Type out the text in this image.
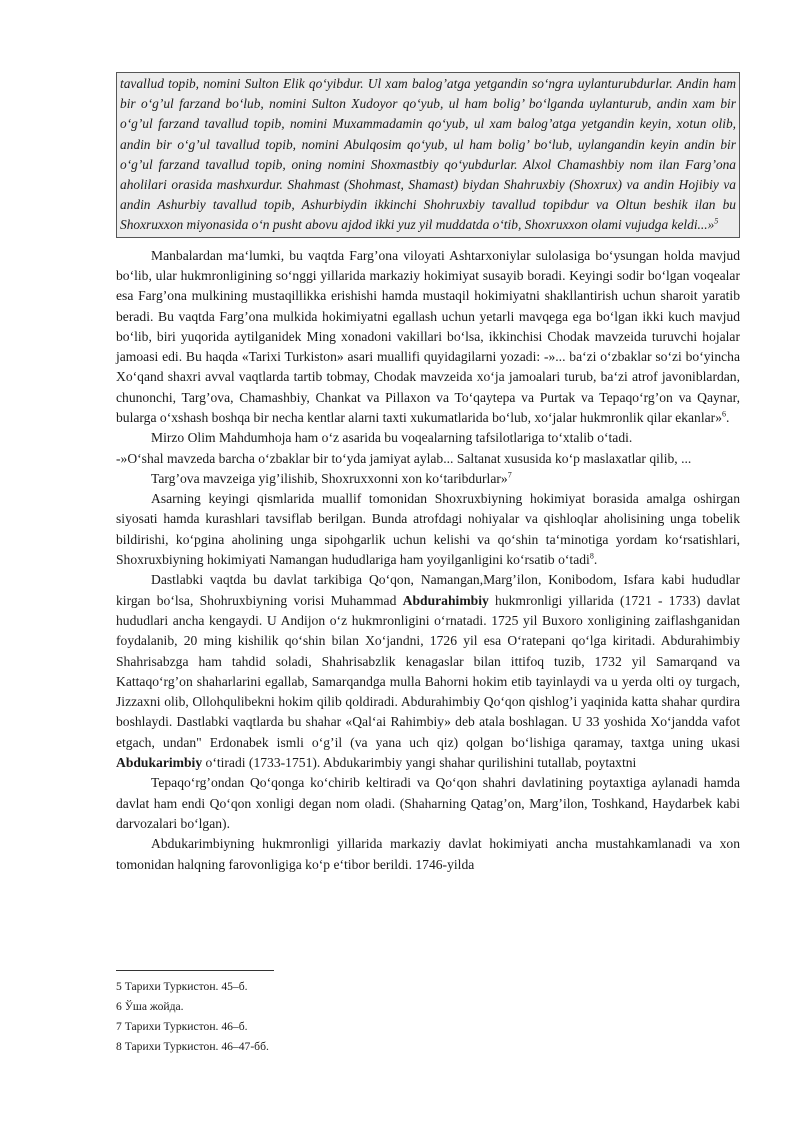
tavallud topib, nomini Sulton Elik qo‘yibdur. Ul xam balog’atga yetgandin so‘ngra uylanturubdurlar. Andin ham bir o‘g’ul farzand bo‘lub, nomini Sulton Xudoyor qo‘yub, ul ham bolig’ bo‘lganda uylanturub, andin xam bir o‘g’ul farzand tavallud topib, nomini Muxammadamin qo‘yub, ul xam balog’atga yetgandin keyin, xotun olib, andin bir o‘g’ul tavallud topib, nomini Abulqosim qo‘yub, ul ham bolig’ bo‘lub, uylangandin keyin andin bir o‘g’ul farzand tavallud topib, oning nomini Shoxmastbiy qo‘yubdurlar. Alxol Chamashbiy nom ilan Farg’ona aholilari orasida mashxurdur. Shahmast (Shohmast, Shamast) biydan Shahruxbiy (Shoxrux) va andin Hojibiy va andin Ashurbiy tavallud topib, Ashurbiydin ikkinchi Shohruxbiy tavallud topibdur va Oltun beshik ilan bu Shoxruxxon miyonasida o‘n pusht abovu ajdod ikki yuz yil muddatda o‘tib, Shoxruxxon olami vujudga keldi...»$^5$

Manbalardan ma‘lumki, bu vaqtda Farg’ona viloyati Ashtarxoniylar sulolasiga bo‘ysungan holda mavjud bo‘lib, ular hukmronligining so‘nggi yillarida markaziy hokimiyat susayib boradi. Keyingi sodir bo‘lgan voqealar esa Farg’ona mulkining mustaqillikka erishishi hamda mustaqil hokimiyatni shakllantirish uchun sharoit yaratib beradi. Bu vaqtda Farg’ona mulkida hokimiyatni egallash uchun yetarli mavqega ega bo‘lgan ikki kuch mavjud bo‘lib, biri yuqorida aytilganidek Ming xonadoni vakillari bo‘lsa, ikkinchisi Chodak mavzeida turuvchi hojalar jamoasi edi. Bu haqda «Tarixi Turkiston» asari muallifi quyidagilarni yozadi: -»... ba‘zi o‘zbaklar so‘zi bo‘yincha Xo‘qand shaxri avval vaqtlarda tartib tobmay, Chodak mavzeida xo‘ja jamoalari turub, ba‘zi atrof javoniblardan, chunonchi, Targ’ova, Chamashbiy, Chankat va Pillaxon va To‘qaytepa va Purtak va Tepaqo‘rg’on va Qaynar, bularga o‘xshash boshqa bir necha kentlar alarni taxti xukumatlarida bo‘lub, xo‘jalar hukmronlik qilar ekanlar»$^6$.

Mirzo Olim Mahdumhoja ham o‘z asarida bu voqealarning tafsilotlariga to‘xtalib o‘tadi.

-»O‘shal mavzeda barcha o‘zbaklar bir to‘yda jamiyat aylab... Saltanat xususida ko‘p maslaxatlar qilib, ...

Targ’ova mavzeiga yig’ilishib, Shoxruxxonni xon ko‘taribdurlar»$^7$

Asarning keyingi qismlarida muallif tomonidan Shoxruxbiyning hokimiyat borasida amalga oshirgan siyosati hamda kurashlari tavsiflab berilgan. Bunda atrofdagi nohiyalar va qishloqlar aholisining unga tobelik bildirishi, ko‘pgina aholining unga sipohgarlik uchun kelishi va qo‘shin ta‘minotiga yordam ko‘rsatishlari, Shoxruxbiyning hokimiyati Namangan hududlariga ham yoyilganligini ko‘rsatib o‘tadi$^8$.

Dastlabki vaqtda bu davlat tarkibiga Qo‘qon, Namangan,Marg’ilon, Konibodom, Isfara kabi hududlar kirgan bo‘lsa, Shohruxbiyning vorisi Muhammad Abdurahimbiy hukmronligi yillarida (1721 - 1733) davlat hududlari ancha kengaydi. U Andijon o‘z hukmronligini o‘rnatadi. 1725 yil Buxoro xonligining zaiflashganidan foydalanib, 20 ming kishilik qo‘shin bilan Xo‘jandni, 1726 yil esa O‘ratepani qo‘lga kiritadi. Abdurahimbiy Shahrisabzga ham tahdid soladi, Shahrisabzlik kenagaslar bilan ittifoq tuzib, 1732 yil Samarqand va Kattaqo‘rg’on shaharlarini egallab, Samarqandga mulla Bahorni hokim etib tayinlaydi va u yerda olti oy turgach, Jizzaxni olib, Ollohqulibekni hokim qilib qoldiradi. Abdurahimbiy Qo‘qon qishlog’i yaqinida katta shahar qurdira boshlaydi. Dastlabki vaqtlarda bu shahar «Qal‘ai Rahimbiy» deb atala boshlagan. U 33 yoshida Xo‘jandda vafot etgach, undan" Erdonabek ismli o‘g’il (va yana uch qiz) qolgan bo‘lishiga qaramay, taxtga uning ukasi Abdukarimbiy o‘tiradi (1733-1751). Abdukarimbiy yangi shahar qurilishini tutallab, poytaxtni

Tepaqo‘rg’ondan Qo‘qonga ko‘chirib keltiradi va Qo‘qon shahri davlatining poytaxtiga aylanadi hamda davlat ham endi Qo‘qon xonligi degan nom oladi. (Shaharning Qatag’on, Marg’ilon, Toshkand, Haydarbek kabi darvozalari bo‘lgan).

Abdukarimbiyning hukmronligi yillarida markaziy davlat hokimiyati ancha mustahkamlanadi va xon tomonidan halqning farovonligiga ko‘p e‘tibor berildi. 1746-yilda

5 Тарихи Туркистон. 45–б.
6 Ўша жойда.
7 Тарихи Туркистон. 46–б.
8 Тарихи Туркистон. 46–47-бб.
